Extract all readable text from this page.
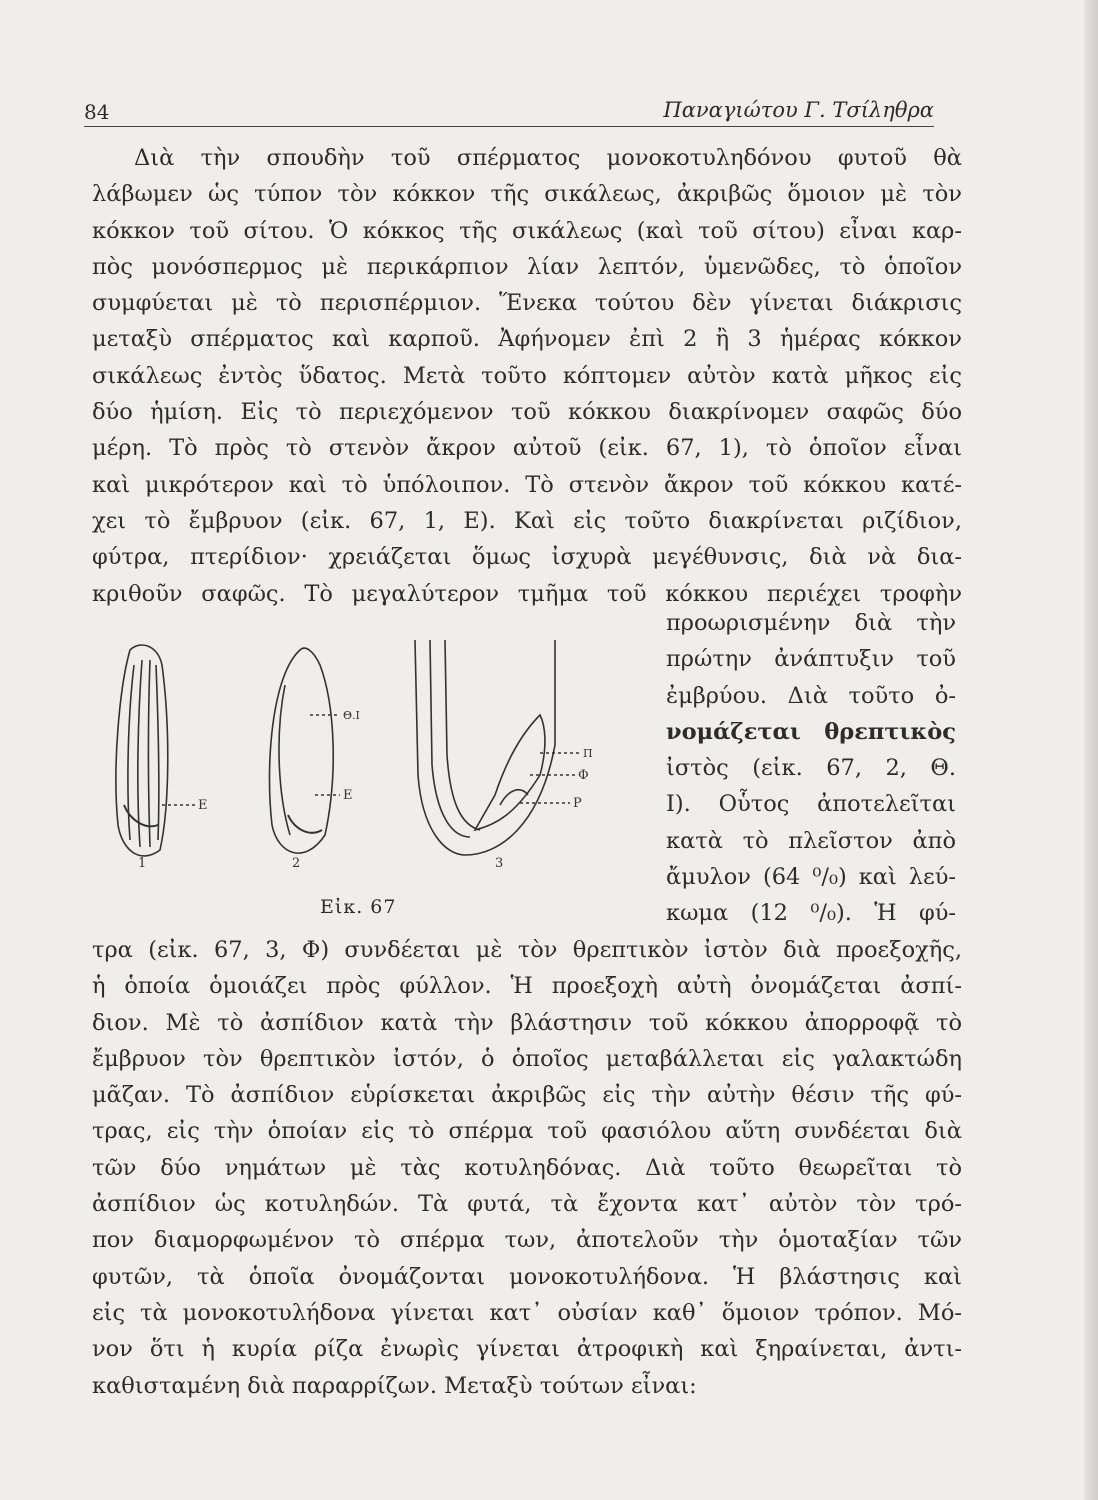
84	Παναγιώτου Γ. Τσίληθρα
Διὰ τὴν σπουδὴν τοῦ σπέρματος μονοκοτυληδόνου φυτοῦ θὰ
λάβωμεν ὡς τύπον τὸν κόκκον τῆς σικάλεως, ἀκριβῶς ὅμοιον μὲ τὸν
κόκκον τοῦ σίτου. Ὁ κόκκος τῆς σικάλεως (καὶ τοῦ σίτου) εἶναι καρ-
πὸς μονόσπερμος μὲ περικάρπιον λίαν λεπτόν, ὑμενῶδες, τὸ ὁποῖον
συμφύεται μὲ τὸ περισπέρμιον. Ἕνεκα τούτου δὲν γίνεται διάκρισις
μεταξὺ σπέρματος καὶ καρποῦ. Ἀφήνομεν ἐπὶ 2 ἢ 3 ἡμέρας κόκκον
σικάλεως ἐντὸς ὕδατος. Μετὰ τοῦτο κόπτομεν αὐτὸν κατὰ μῆκος εἰς
δύο ἡμίση. Εἰς τὸ περιεχόμενον τοῦ κόκκου διακρίνομεν σαφῶς δύο
μέρη. Τὸ πρὸς τὸ στενὸν ἄκρον αὐτοῦ (εἰκ. 67, 1), τὸ ὁποῖον εἶναι
καὶ μικρότερον καὶ τὸ ὑπόλοιπον. Τὸ στενὸν ἄκρον τοῦ κόκκου κατέ-
χει τὸ ἔμβρυον (εἰκ. 67, 1, Ε). Καὶ εἰς τοῦτο διακρίνεται ριζίδιον,
φύτρα, πτερίδιον· χρειάζεται ὅμως ἰσχυρὰ μεγέθυνσις, διὰ νὰ δια-
κριθοῦν σαφῶς. Τὸ μεγαλύτερον τμῆμα τοῦ κόκκου περιέχει τροφὴν
προωρισμένην διὰ τὴν
πρώτην ἀνάπτυξιν τοῦ
ἐμβρύου. Διὰ τοῦτο ὀ-
νομάζεται θρεπτικὸς
ἰστὸς (εἰκ. 67, 2, Θ.
Ι). Οὗτος ἀποτελεῖται
κατὰ τὸ πλεῖστον ἀπὸ
ἄμυλον (64 ⁰/₀) καὶ λεύ-
κωμα (12 ⁰/₀). Ἡ φύ-
Ε
Θ.Ι
Ε
Π
Φ
Ρ
1	2	3
Εἰκ. 67
τρα (εἰκ. 67, 3, Φ) συνδέεται μὲ τὸν θρεπτικὸν ἰστὸν διὰ προεξοχῆς,
ἡ ὁποία ὁμοιάζει πρὸς φύλλον. Ἡ προεξοχὴ αὐτὴ ὀνομάζεται ἀσπί-
διον. Μὲ τὸ ἀσπίδιον κατὰ τὴν βλάστησιν τοῦ κόκκου ἀπορροφᾷ τὸ
ἔμβρυον τὸν θρεπτικὸν ἰστόν, ὁ ὁποῖος μεταβάλλεται εἰς γαλακτώδη
μᾶζαν. Τὸ ἀσπίδιον εὑρίσκεται ἀκριβῶς εἰς τὴν αὐτὴν θέσιν τῆς φύ-
τρας, εἰς τὴν ὁποίαν εἰς τὸ σπέρμα τοῦ φασιόλου αὕτη συνδέεται διὰ
τῶν δύο νημάτων μὲ τὰς κοτυληδόνας. Διὰ τοῦτο θεωρεῖται τὸ
ἀσπίδιον ὡς κοτυληδών. Τὰ φυτά, τὰ ἔχοντα κατ᾽ αὐτὸν τὸν τρό-
πον διαμορφωμένον τὸ σπέρμα των, ἀποτελοῦν τὴν ὁμοταξίαν τῶν
φυτῶν, τὰ ὁποῖα ὀνομάζονται μονοκοτυλήδονα. Ἡ βλάστησις καὶ
εἰς τὰ μονοκοτυλήδονα γίνεται κατ᾽ οὐσίαν καθ᾽ ὅμοιον τρόπον. Μό-
νον ὅτι ἡ κυρία ρίζα ἐνωρὶς γίνεται ἀτροφικὴ καὶ ξηραίνεται, ἀντι-
καθισταμένη διὰ παραρρίζων. Μεταξὺ τούτων εἶναι:
